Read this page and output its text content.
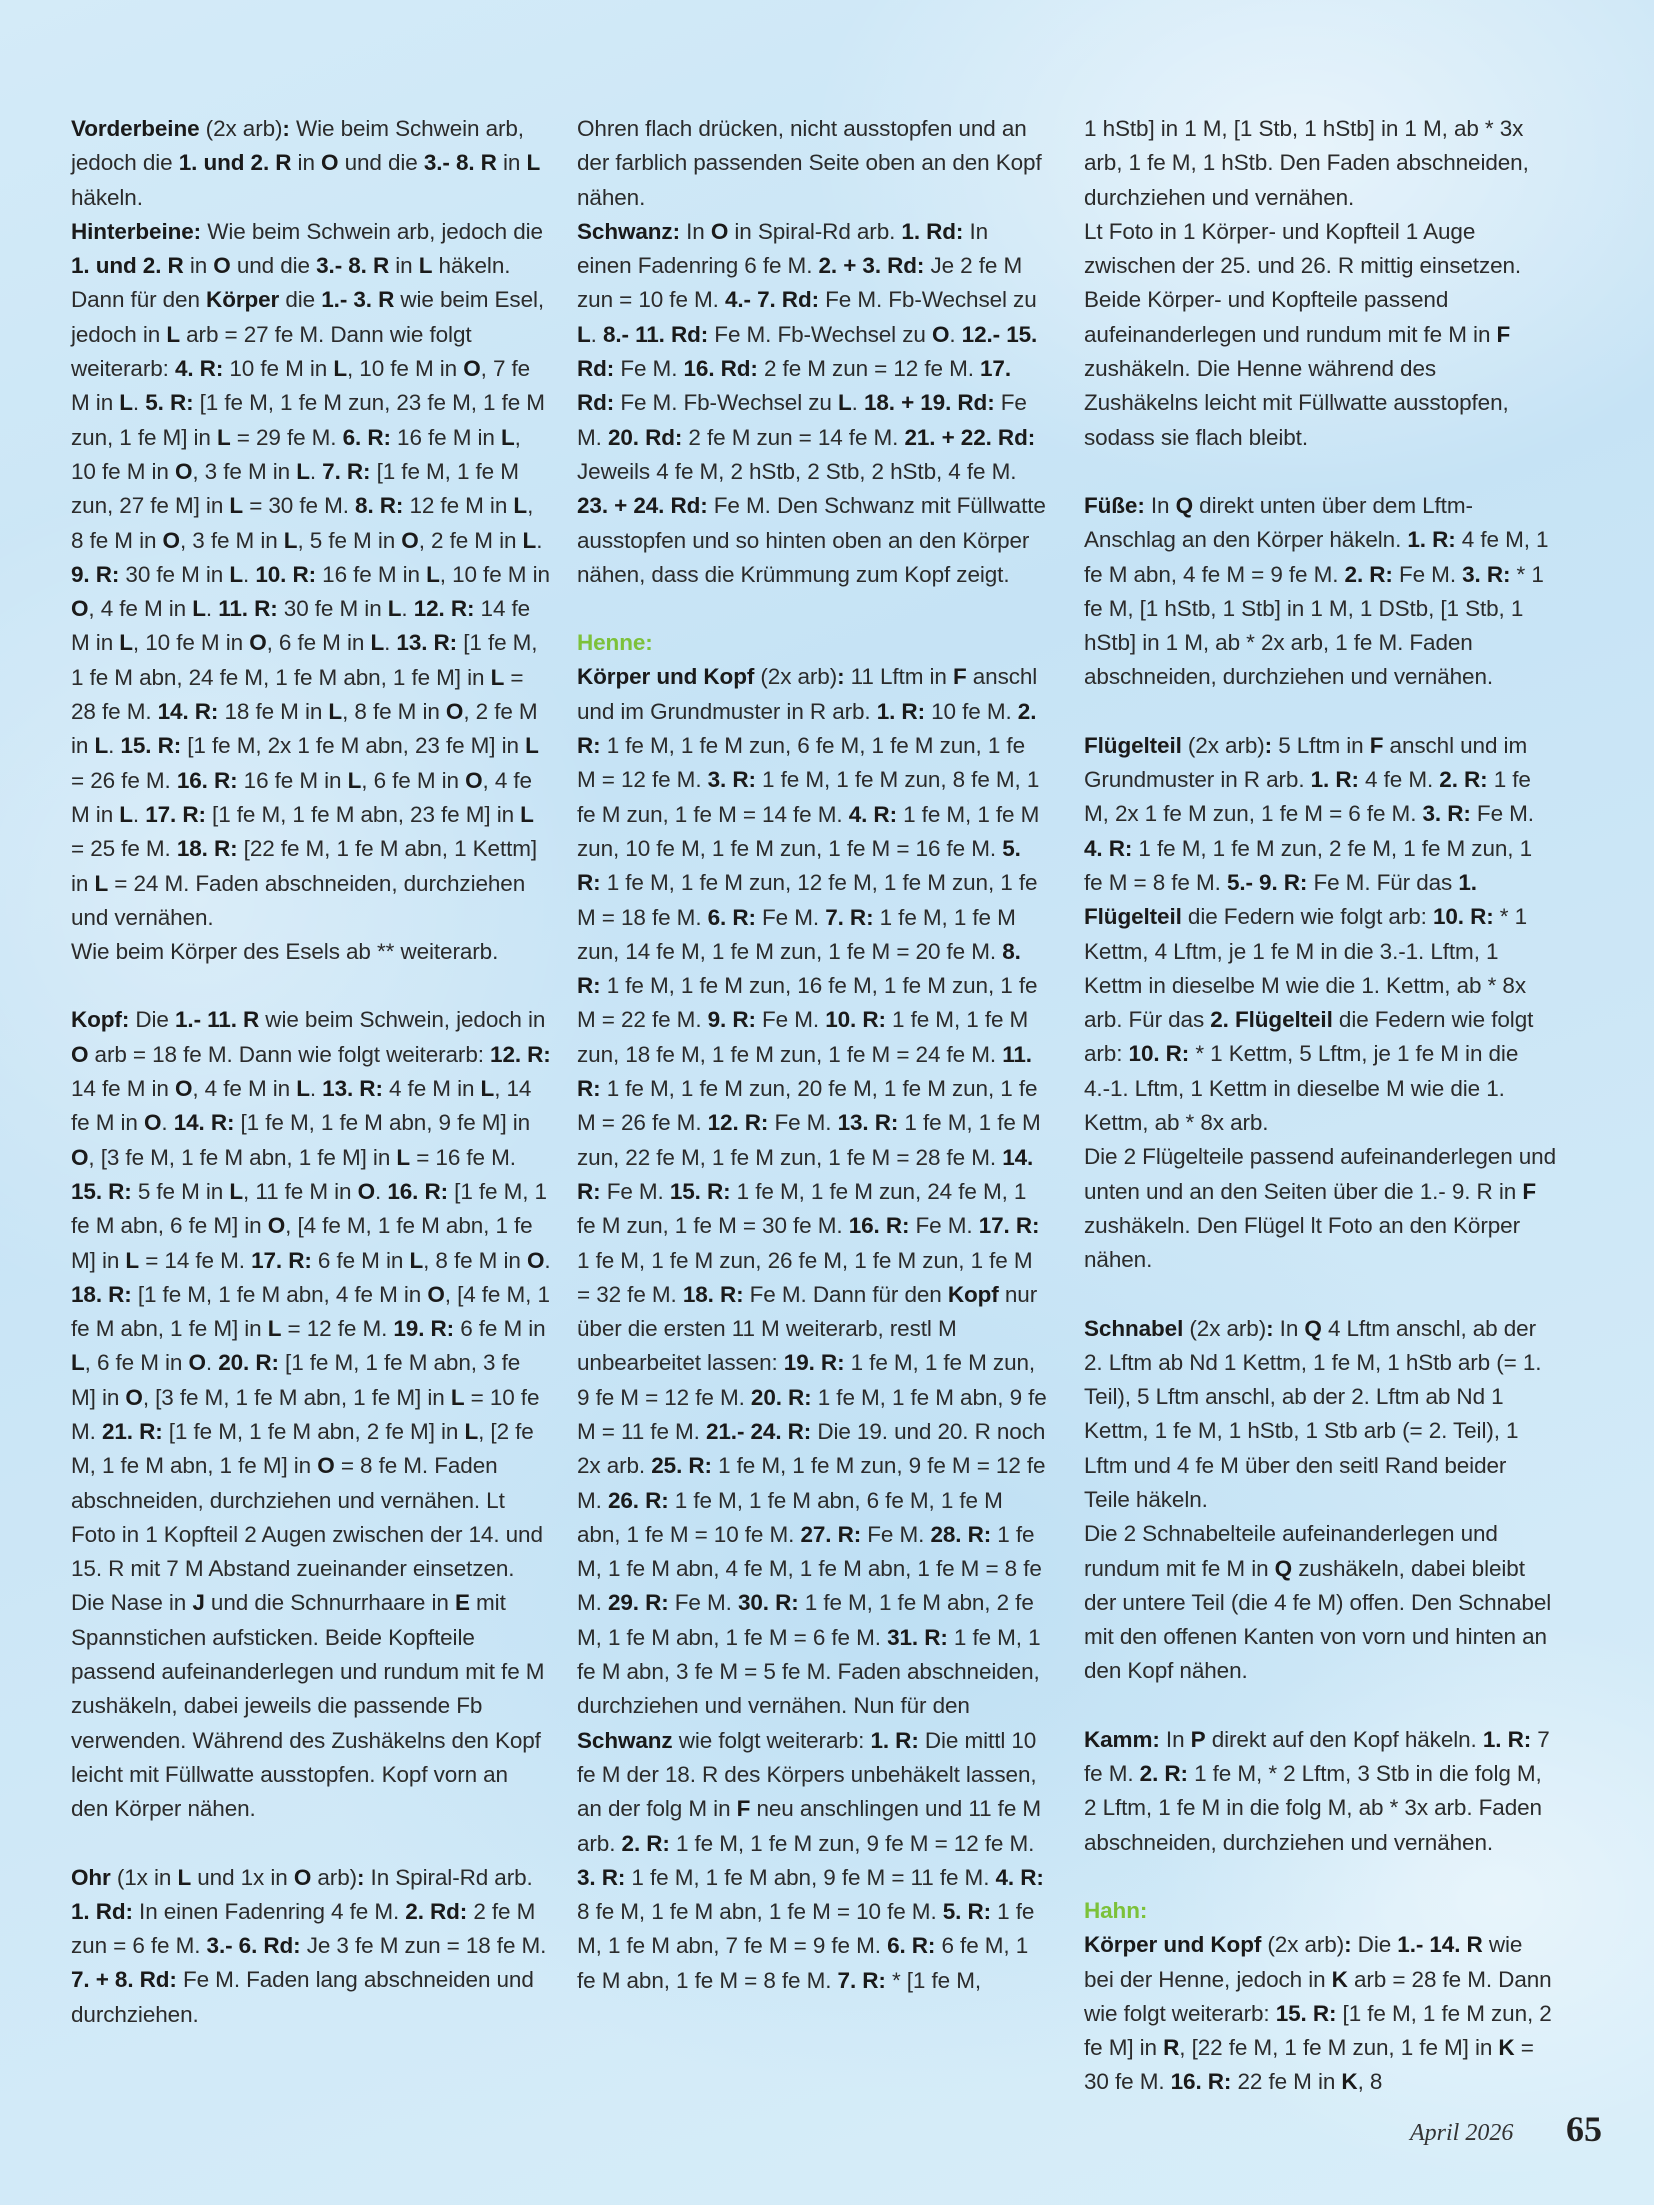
Vorderbeine (2x arb): Wie beim Schwein arb, jedoch die 1. und 2. R in O und die 3.- 8. R in L häkeln.

Hinterbeine: Wie beim Schwein arb, jedoch die 1. und 2. R in O und die 3.- 8. R in L häkeln. Dann für den Körper die 1.- 3. R wie beim Esel, jedoch in L arb = 27 fe M. Dann wie folgt weiterarb: 4. R: 10 fe M in L, 10 fe M in O, 7 fe M in L. 5. R: [1 fe M, 1 fe M zun, 23 fe M, 1 fe M zun, 1 fe M] in L = 29 fe M. 6. R: 16 fe M in L, 10 fe M in O, 3 fe M in L. 7. R: [1 fe M, 1 fe M zun, 27 fe M] in L = 30 fe M. 8. R: 12 fe M in L, 8 fe M in O, 3 fe M in L, 5 fe M in O, 2 fe M in L. 9. R: 30 fe M in L. 10. R: 16 fe M in L, 10 fe M in O, 4 fe M in L. 11. R: 30 fe M in L. 12. R: 14 fe M in L, 10 fe M in O, 6 fe M in L. 13. R: [1 fe M, 1 fe M abn, 24 fe M, 1 fe M abn, 1 fe M] in L = 28 fe M. 14. R: 18 fe M in L, 8 fe M in O, 2 fe M in L. 15. R: [1 fe M, 2x 1 fe M abn, 23 fe M] in L = 26 fe M. 16. R: 16 fe M in L, 6 fe M in O, 4 fe M in L. 17. R: [1 fe M, 1 fe M abn, 23 fe M] in L = 25 fe M. 18. R: [22 fe M, 1 fe M abn, 1 Kettm] in L = 24 M. Faden abschneiden, durchziehen und vernähen.

Wie beim Körper des Esels ab ** weiterarb.

Kopf: Die 1.- 11. R wie beim Schwein, jedoch in O arb = 18 fe M. Dann wie folgt weiterarb: 12. R: 14 fe M in O, 4 fe M in L. 13. R: 4 fe M in L, 14 fe M in O. 14. R: [1 fe M, 1 fe M abn, 9 fe M] in O, [3 fe M, 1 fe M abn, 1 fe M] in L = 16 fe M. 15. R: 5 fe M in L, 11 fe M in O. 16. R: [1 fe M, 1 fe M abn, 6 fe M] in O, [4 fe M, 1 fe M abn, 1 fe M] in L = 14 fe M. 17. R: 6 fe M in L, 8 fe M in O. 18. R: [1 fe M, 1 fe M abn, 4 fe M in O, [4 fe M, 1 fe M abn, 1 fe M] in L = 12 fe M. 19. R: 6 fe M in L, 6 fe M in O. 20. R: [1 fe M, 1 fe M abn, 3 fe M] in O, [3 fe M, 1 fe M abn, 1 fe M] in L = 10 fe M. 21. R: [1 fe M, 1 fe M abn, 2 fe M] in L, [2 fe M, 1 fe M abn, 1 fe M] in O = 8 fe M. Faden abschneiden, durchziehen und vernähen. Lt Foto in 1 Kopfteil 2 Augen zwischen der 14. und 15. R mit 7 M Abstand zueinander einsetzen. Die Nase in J und die Schnurrhaare in E mit Spannstichen aufsticken. Beide Kopfteile passend aufeinanderlegen und rundum mit fe M zushäkeln, dabei jeweils die passende Fb verwenden. Während des Zushäkelns den Kopf leicht mit Füllwatte ausstopfen. Kopf vorn an den Körper nähen.

Ohr (1x in L und 1x in O arb): In Spiral-Rd arb. 1. Rd: In einen Fadenring 4 fe M. 2. Rd: 2 fe M zun = 6 fe M. 3.- 6. Rd: Je 3 fe M zun = 18 fe M. 7. + 8. Rd: Fe M. Faden lang abschneiden und durchziehen.

Ohren flach drücken, nicht ausstopfen und an der farblich passenden Seite oben an den Kopf nähen.

Schwanz: In O in Spiral-Rd arb. 1. Rd: In einen Fadenring 6 fe M. 2. + 3. Rd: Je 2 fe M zun = 10 fe M. 4.- 7. Rd: Fe M. Fb-Wechsel zu L. 8.- 11. Rd: Fe M. Fb-Wechsel zu O. 12.- 15. Rd: Fe M. 16. Rd: 2 fe M zun = 12 fe M. 17. Rd: Fe M. Fb-Wechsel zu L. 18. + 19. Rd: Fe M. 20. Rd: 2 fe M zun = 14 fe M. 21. + 22. Rd: Jeweils 4 fe M, 2 hStb, 2 Stb, 2 hStb, 4 fe M. 23. + 24. Rd: Fe M. Den Schwanz mit Füllwatte ausstopfen und so hinten oben an den Körper nähen, dass die Krümmung zum Kopf zeigt.

Henne:

Körper und Kopf (2x arb): 11 Lftm in F anschl und im Grundmuster in R arb. 1. R: 10 fe M. 2. R: 1 fe M, 1 fe M zun, 6 fe M, 1 fe M zun, 1 fe M = 12 fe M. 3. R: 1 fe M, 1 fe M zun, 8 fe M, 1 fe M zun, 1 fe M = 14 fe M. 4. R: 1 fe M, 1 fe M zun, 10 fe M, 1 fe M zun, 1 fe M = 16 fe M. 5. R: 1 fe M, 1 fe M zun, 12 fe M, 1 fe M zun, 1 fe M = 18 fe M. 6. R: Fe M. 7. R: 1 fe M, 1 fe M zun, 14 fe M, 1 fe M zun, 1 fe M = 20 fe M. 8. R: 1 fe M, 1 fe M zun, 16 fe M, 1 fe M zun, 1 fe M = 22 fe M. 9. R: Fe M. 10. R: 1 fe M, 1 fe M zun, 18 fe M, 1 fe M zun, 1 fe M = 24 fe M. 11. R: 1 fe M, 1 fe M zun, 20 fe M, 1 fe M zun, 1 fe M = 26 fe M. 12. R: Fe M. 13. R: 1 fe M, 1 fe M zun, 22 fe M, 1 fe M zun, 1 fe M = 28 fe M. 14. R: Fe M. 15. R: 1 fe M, 1 fe M zun, 24 fe M, 1 fe M zun, 1 fe M = 30 fe M. 16. R: Fe M. 17. R: 1 fe M, 1 fe M zun, 26 fe M, 1 fe M zun, 1 fe M = 32 fe M. 18. R: Fe M. Dann für den Kopf nur über die ersten 11 M weiterarb, restl M unbearbeitet lassen: 19. R: 1 fe M, 1 fe M zun, 9 fe M = 12 fe M. 20. R: 1 fe M, 1 fe M abn, 9 fe M = 11 fe M. 21.- 24. R: Die 19. und 20. R noch 2x arb. 25. R: 1 fe M, 1 fe M zun, 9 fe M = 12 fe M. 26. R: 1 fe M, 1 fe M abn, 6 fe M, 1 fe M abn, 1 fe M = 10 fe M. 27. R: Fe M. 28. R: 1 fe M, 1 fe M abn, 4 fe M, 1 fe M abn, 1 fe M = 8 fe M. 29. R: Fe M. 30. R: 1 fe M, 1 fe M abn, 2 fe M, 1 fe M abn, 1 fe M = 6 fe M. 31. R: 1 fe M, 1 fe M abn, 3 fe M = 5 fe M. Faden abschneiden, durchziehen und vernähen. Nun für den Schwanz wie folgt weiterarb: 1. R: Die mittl 10 fe M der 18. R des Körpers unbehäkelt lassen, an der folg M in F neu anschlingen und 11 fe M arb. 2. R: 1 fe M, 1 fe M zun, 9 fe M = 12 fe M. 3. R: 1 fe M, 1 fe M abn, 9 fe M = 11 fe M. 4. R: 8 fe M, 1 fe M abn, 1 fe M = 10 fe M. 5. R: 1 fe M, 1 fe M abn, 7 fe M = 9 fe M. 6. R: 6 fe M, 1 fe M abn, 1 fe M = 8 fe M. 7. R: * [1 fe M,

1 hStb] in 1 M, [1 Stb, 1 hStb] in 1 M, ab * 3x arb, 1 fe M, 1 hStb. Den Faden abschneiden, durchziehen und vernähen.

Lt Foto in 1 Körper- und Kopfteil 1 Auge zwischen der 25. und 26. R mittig einsetzen. Beide Körper- und Kopfteile passend aufeinanderlegen und rundum mit fe M in F zushäkeln. Die Henne während des Zushäkelns leicht mit Füllwatte ausstopfen, sodass sie flach bleibt.

Füße: In Q direkt unten über dem Lftm-Anschlag an den Körper häkeln. 1. R: 4 fe M, 1 fe M abn, 4 fe M = 9 fe M. 2. R: Fe M. 3. R: * 1 fe M, [1 hStb, 1 Stb] in 1 M, 1 DStb, [1 Stb, 1 hStb] in 1 M, ab * 2x arb, 1 fe M. Faden abschneiden, durchziehen und vernähen.

Flügelteil (2x arb): 5 Lftm in F anschl und im Grundmuster in R arb. 1. R: 4 fe M. 2. R: 1 fe M, 2x 1 fe M zun, 1 fe M = 6 fe M. 3. R: Fe M. 4. R: 1 fe M, 1 fe M zun, 2 fe M, 1 fe M zun, 1 fe M = 8 fe M. 5.- 9. R: Fe M. Für das 1. Flügelteil die Federn wie folgt arb: 10. R: * 1 Kettm, 4 Lftm, je 1 fe M in die 3.-1. Lftm, 1 Kettm in dieselbe M wie die 1. Kettm, ab * 8x arb. Für das 2. Flügelteil die Federn wie folgt arb: 10. R: * 1 Kettm, 5 Lftm, je 1 fe M in die 4.-1. Lftm, 1 Kettm in dieselbe M wie die 1. Kettm, ab * 8x arb.

Die 2 Flügelteile passend aufeinanderlegen und unten und an den Seiten über die 1.- 9. R in F zushäkeln. Den Flügel lt Foto an den Körper nähen.

Schnabel (2x arb): In Q 4 Lftm anschl, ab der 2. Lftm ab Nd 1 Kettm, 1 fe M, 1 hStb arb (= 1. Teil), 5 Lftm anschl, ab der 2. Lftm ab Nd 1 Kettm, 1 fe M, 1 hStb, 1 Stb arb (= 2. Teil), 1 Lftm und 4 fe M über den seitl Rand beider Teile häkeln.

Die 2 Schnabelteile aufeinanderlegen und rundum mit fe M in Q zushäkeln, dabei bleibt der untere Teil (die 4 fe M) offen. Den Schnabel mit den offenen Kanten von vorn und hinten an den Kopf nähen.

Kamm: In P direkt auf den Kopf häkeln. 1. R: 7 fe M. 2. R: 1 fe M, * 2 Lftm, 3 Stb in die folg M, 2 Lftm, 1 fe M in die folg M, ab * 3x arb. Faden abschneiden, durchziehen und vernähen.

Hahn:

Körper und Kopf (2x arb): Die 1.- 14. R wie bei der Henne, jedoch in K arb = 28 fe M. Dann wie folgt weiterarb: 15. R: [1 fe M, 1 fe M zun, 2 fe M] in R, [22 fe M, 1 fe M zun, 1 fe M] in K = 30 fe M. 16. R: 22 fe M in K, 8

April 2026 65
